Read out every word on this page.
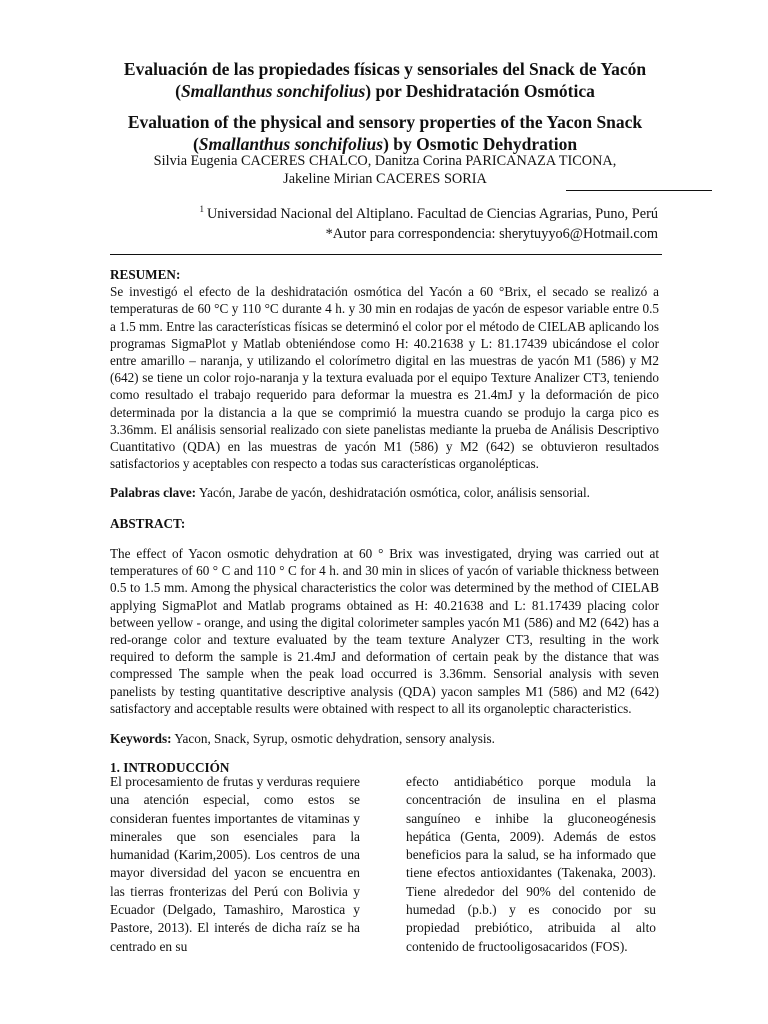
Evaluación de las propiedades físicas y sensoriales del Snack de Yacón
(Smallanthus sonchifolius) por Deshidratación Osmótica
Evaluation of the physical and sensory properties of the Yacon Snack
(Smallanthus sonchifolius) by Osmotic Dehydration

Silvia Eugenia CACERES CHALCO, Danitza Corina PARICANAZA TICONA,
Jakeline Mirian CACERES SORIA

$^1$ Universidad Nacional del Altiplano. Facultad de Ciencias Agrarias, Puno, Perú
*Autor para correspondencia: sherytuyyo6@Hotmail.com

RESUMEN:
Se investigó el efecto de la deshidratación osmótica del Yacón a 60 °Brix, el secado se realizó a temperaturas de 60 °C y 110 °C durante 4 h. y 30 min en rodajas de yacón de espesor variable entre 0.5 a 1.5 mm. Entre las características físicas se determinó el color por el método de CIELAB aplicando los programas SigmaPlot y Matlab obteniéndose como H: 40.21638 y L: 81.17439 ubicándose el color entre amarillo – naranja, y utilizando el colorímetro digital en las muestras de yacón M1 (586) y M2 (642) se tiene un color rojo-naranja y la textura evaluada por el equipo Texture Analizer CT3, teniendo como resultado el trabajo requerido para deformar la muestra es 21.4mJ y la deformación de pico determinada por la distancia a la que se comprimió la muestra cuando se produjo la carga pico es 3.36mm. El análisis sensorial realizado con siete panelistas mediante la prueba de Análisis Descriptivo Cuantitativo (QDA) en las muestras de yacón M1 (586) y M2 (642) se obtuvieron resultados satisfactorios y aceptables con respecto a todas sus características organolépticas.

Palabras clave: Yacón, Jarabe de yacón, deshidratación osmótica, color, análisis sensorial.

ABSTRACT:

The effect of Yacon osmotic dehydration at 60 ° Brix was investigated, drying was carried out at temperatures of 60 ° C and 110 ° C for 4 h. and 30 min in slices of yacón of variable thickness between 0.5 to 1.5 mm. Among the physical characteristics the color was determined by the method of CIELAB applying SigmaPlot and Matlab programs obtained as H: 40.21638 and L: 81.17439 placing color between yellow - orange, and using the digital colorimeter samples yacón M1 (586) and M2 (642) has a red-orange color and texture evaluated by the team texture Analyzer CT3, resulting in the work required to deform the sample is 21.4mJ and deformation of certain peak by the distance that was compressed The sample when the peak load occurred is 3.36mm. Sensorial analysis with seven panelists by testing quantitative descriptive analysis (QDA) yacon samples M1 (586) and M2 (642) satisfactory and acceptable results were obtained with respect to all its organoleptic characteristics.

Keywords: Yacon, Snack, Syrup, osmotic dehydration, sensory analysis.

1. INTRODUCCIÓN

El procesamiento de frutas y verduras requiere una atención especial, como estos se consideran fuentes importantes de vitaminas y minerales que son esenciales para la humanidad (Karim,2005). Los centros de una mayor diversidad del yacon se encuentra en las tierras fronterizas del Perú con Bolivia y Ecuador (Delgado, Tamashiro, Marostica y Pastore, 2013). El interés de dicha raíz se ha centrado en su

efecto antidiabético porque modula la concentración de insulina en el plasma sanguíneo e inhibe la gluconeogénesis hepática (Genta, 2009). Además de estos beneficios para la salud, se ha informado que tiene efectos antioxidantes (Takenaka, 2003). Tiene alrededor del 90% del contenido de humedad (p.b.) y es conocido por su propiedad prebiótico, atribuida al alto contenido de fructooligosacaridos (FOS).
